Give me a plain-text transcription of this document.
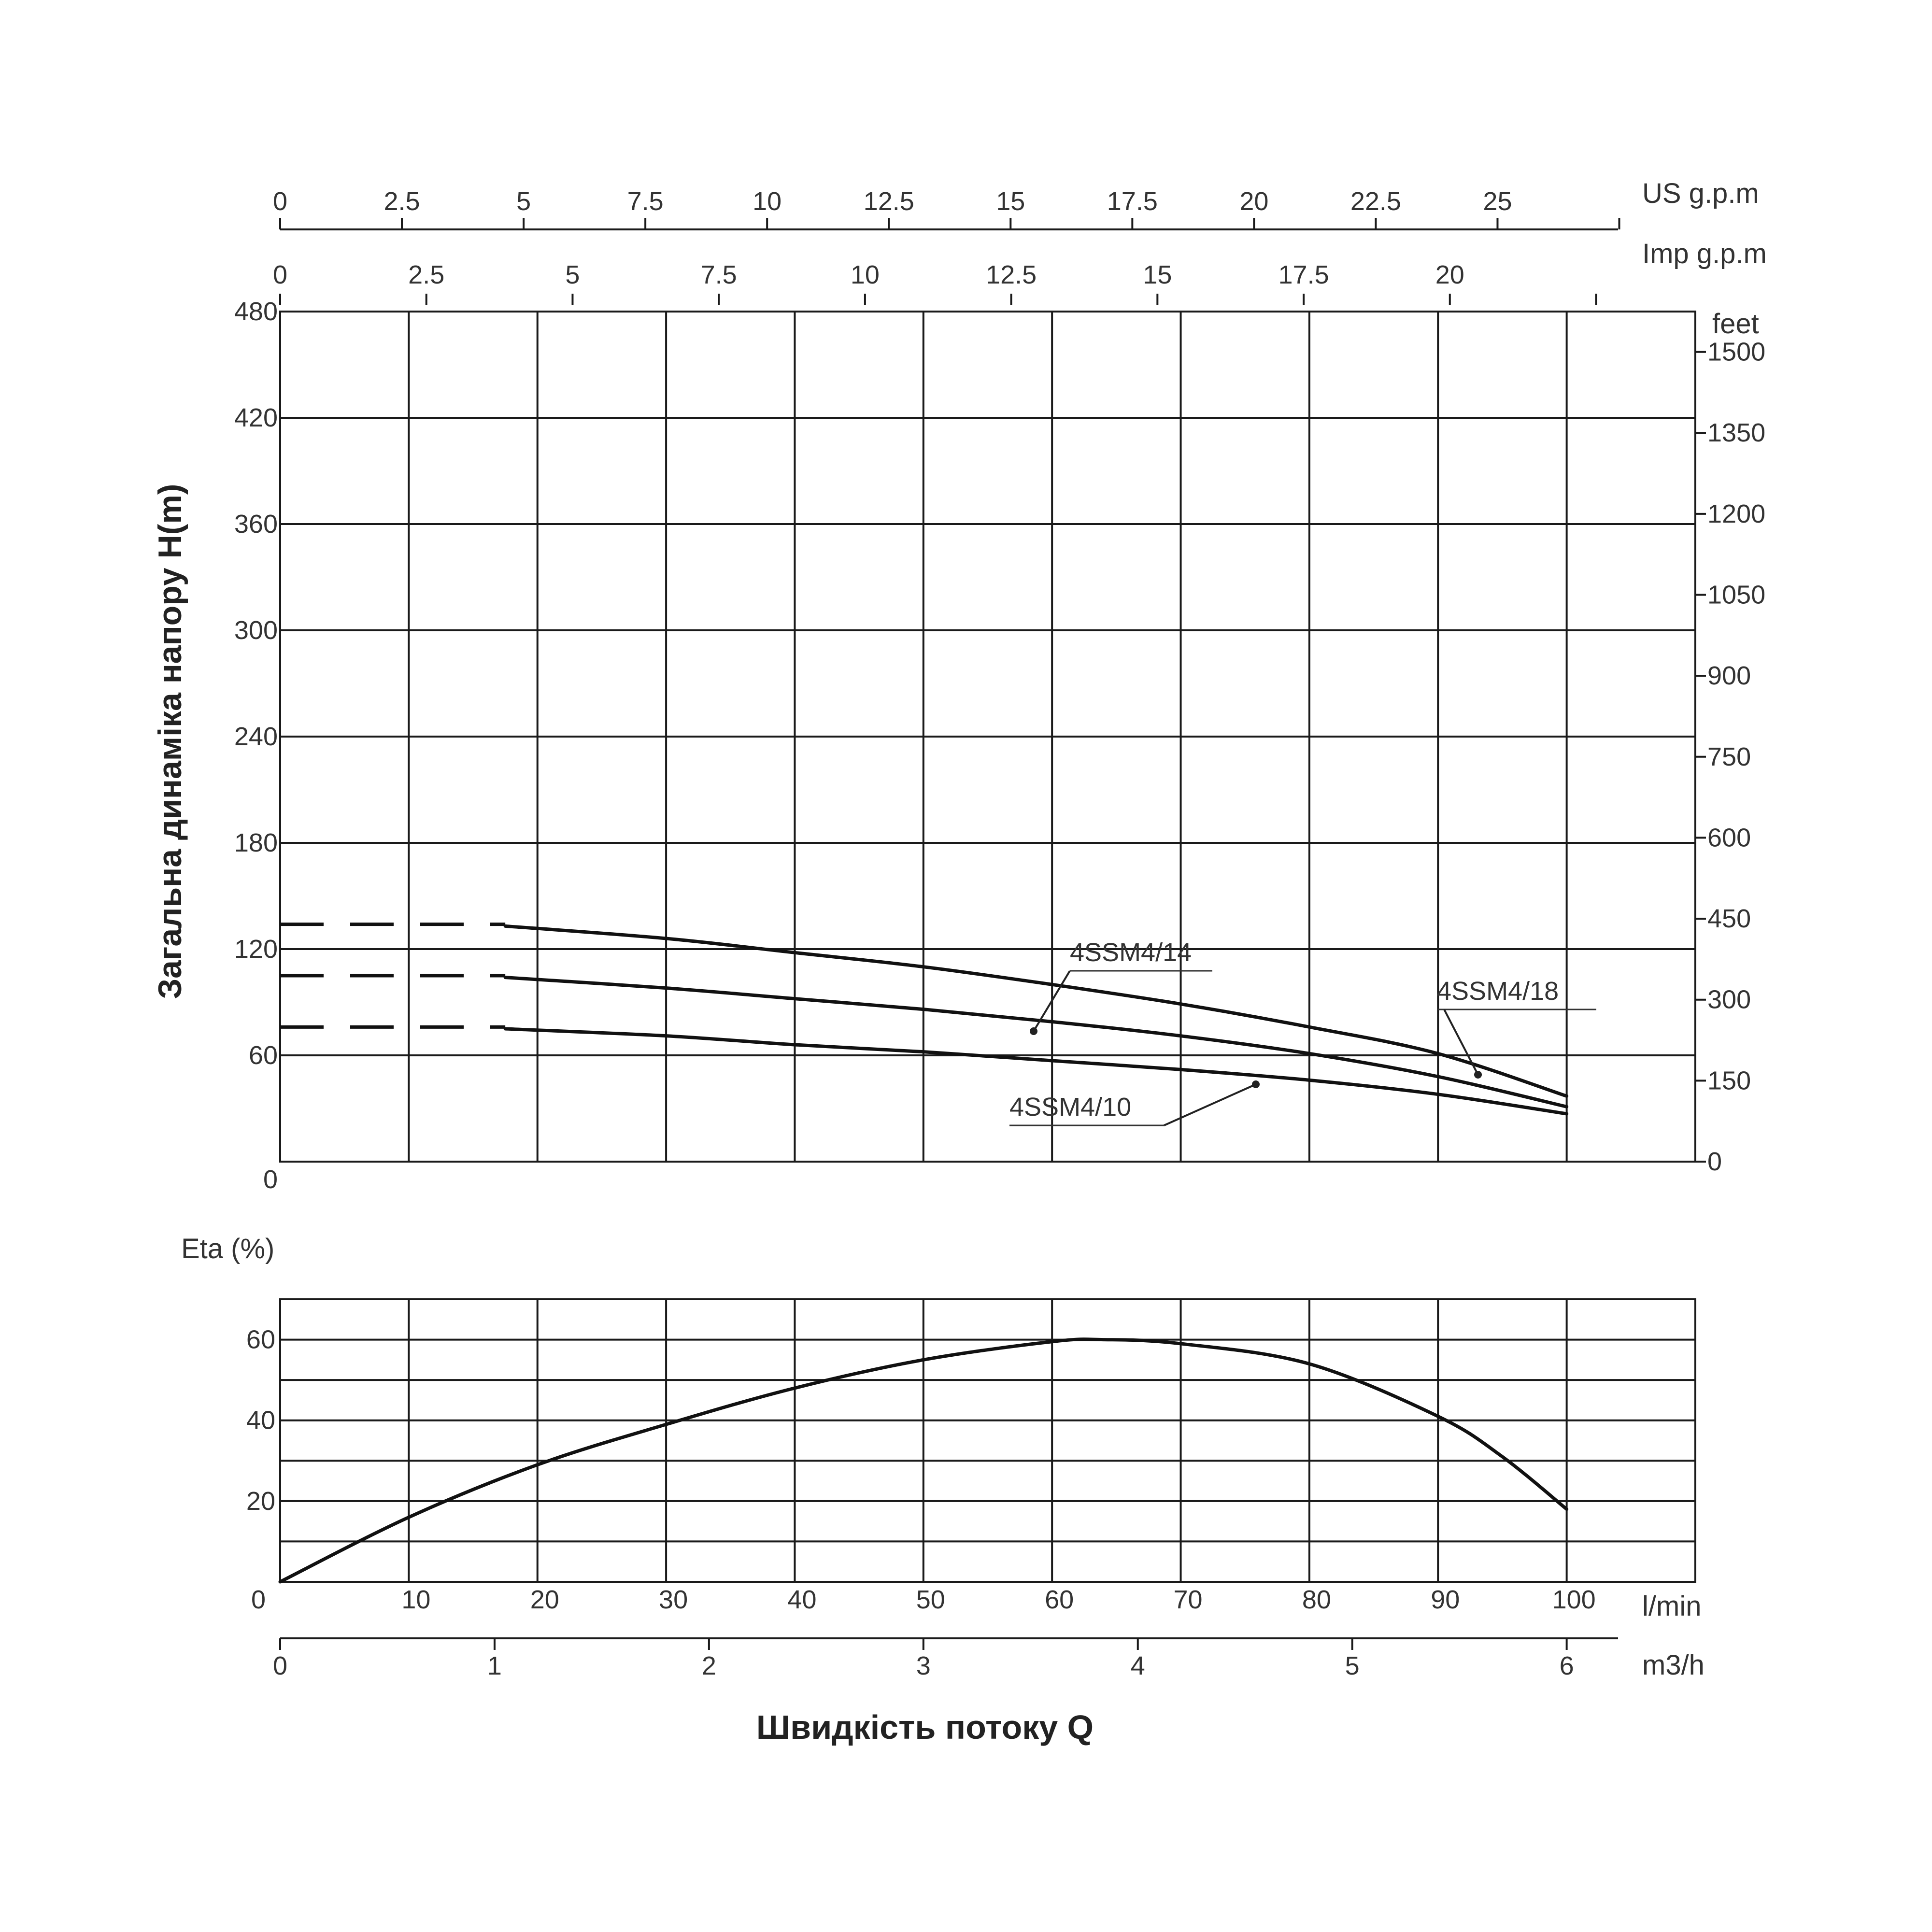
0
60
120
180
240
300
360
420
480
0
150
300
450
600
750
900
1050
1200
1350
1500
feet
0	2.5	5	7.5	10	12.5	15	17.5	20	22.5	25	US g.p.m
0	2.5	5	7.5	10	12.5	15	17.5	20
Imp g.p.m
4SSM4/18
4SSM4/14
4SSM4/10
Загальна динаміка напору H(m)
20
40
60
Eta (%)
0	10	20	30	40	50	60	70	80	90	100 l/min
0	1	2	3	4	5	6 m3/h
Швидкість потоку Q
